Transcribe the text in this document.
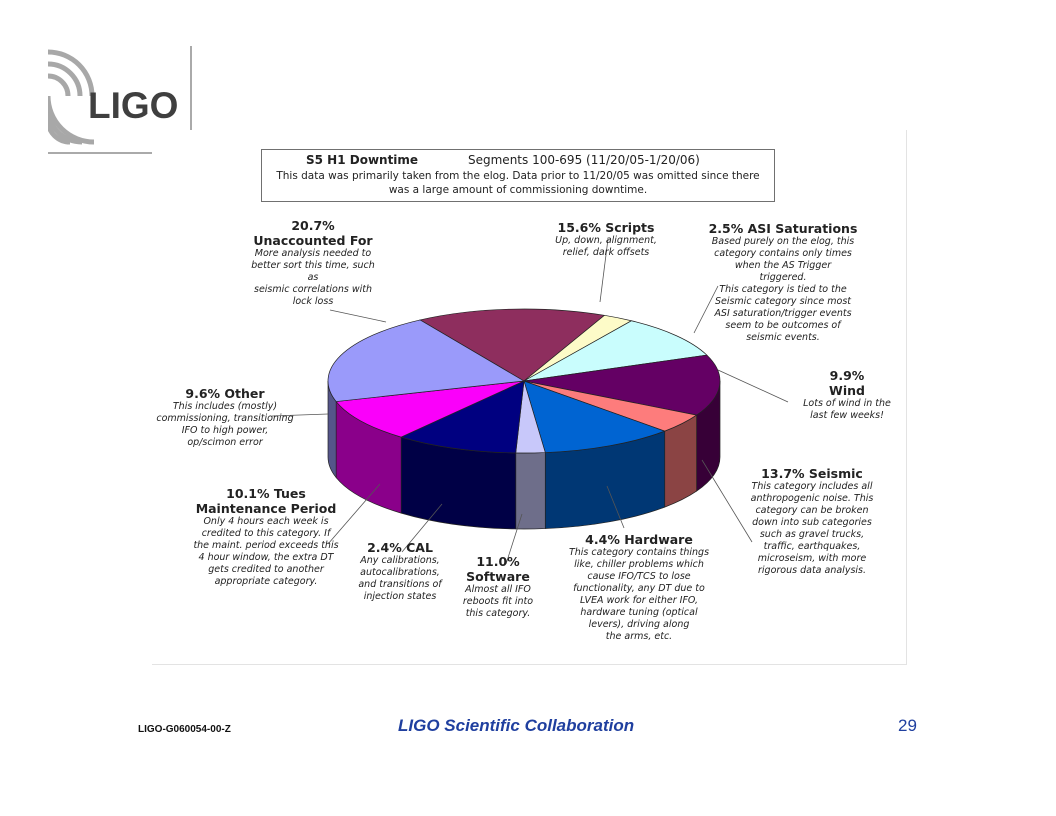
LIGO
S5 H1 Downtime	Segments 100-695 (11/20/05-1/20/06)
This data was primarily taken from the elog. Data prior to 11/20/05 was omitted since there was a large amount of commissioning downtime.
15.6% Scripts
Up, down, alignment,
relief, dark offsets
2.5% ASI Saturations
Based purely on the elog, this
category contains only times
when the AS Trigger
triggered.
This category is tied to the
Seismic category since most
ASI saturation/trigger events
seem to be outcomes of
seismic events.
9.9%
Wind
Lots of wind in the
last few weeks!
13.7% Seismic
This category includes all
anthropogenic noise. This
category can be broken
down into sub categories
such as gravel trucks,
traffic, earthquakes,
microseism, with more
rigorous data analysis.
4.4% Hardware
This category contains things
like, chiller problems which
cause IFO/TCS to lose
functionality, any DT due to
LVEA work for either IFO,
hardware tuning (optical
levers), driving along
the arms, etc.
11.0%
Software
Almost all IFO
reboots fit into
this category.
2.4% CAL
Any calibrations,
autocalibrations,
and transitions of
injection states
10.1% Tues
Maintenance Period
Only 4 hours each week is
credited to this category. If
the maint. period exceeds this
4 hour window, the extra DT
gets credited to another
appropriate category.
9.6% Other
This includes (mostly)
commissioning, transitioning
IFO to high power,
op/scimon error
20.7%
Unaccounted For
More analysis needed to
better sort this time, such as
seismic correlations with
lock loss
LIGO-G060054-00-Z	LIGO Scientific Collaboration	29
